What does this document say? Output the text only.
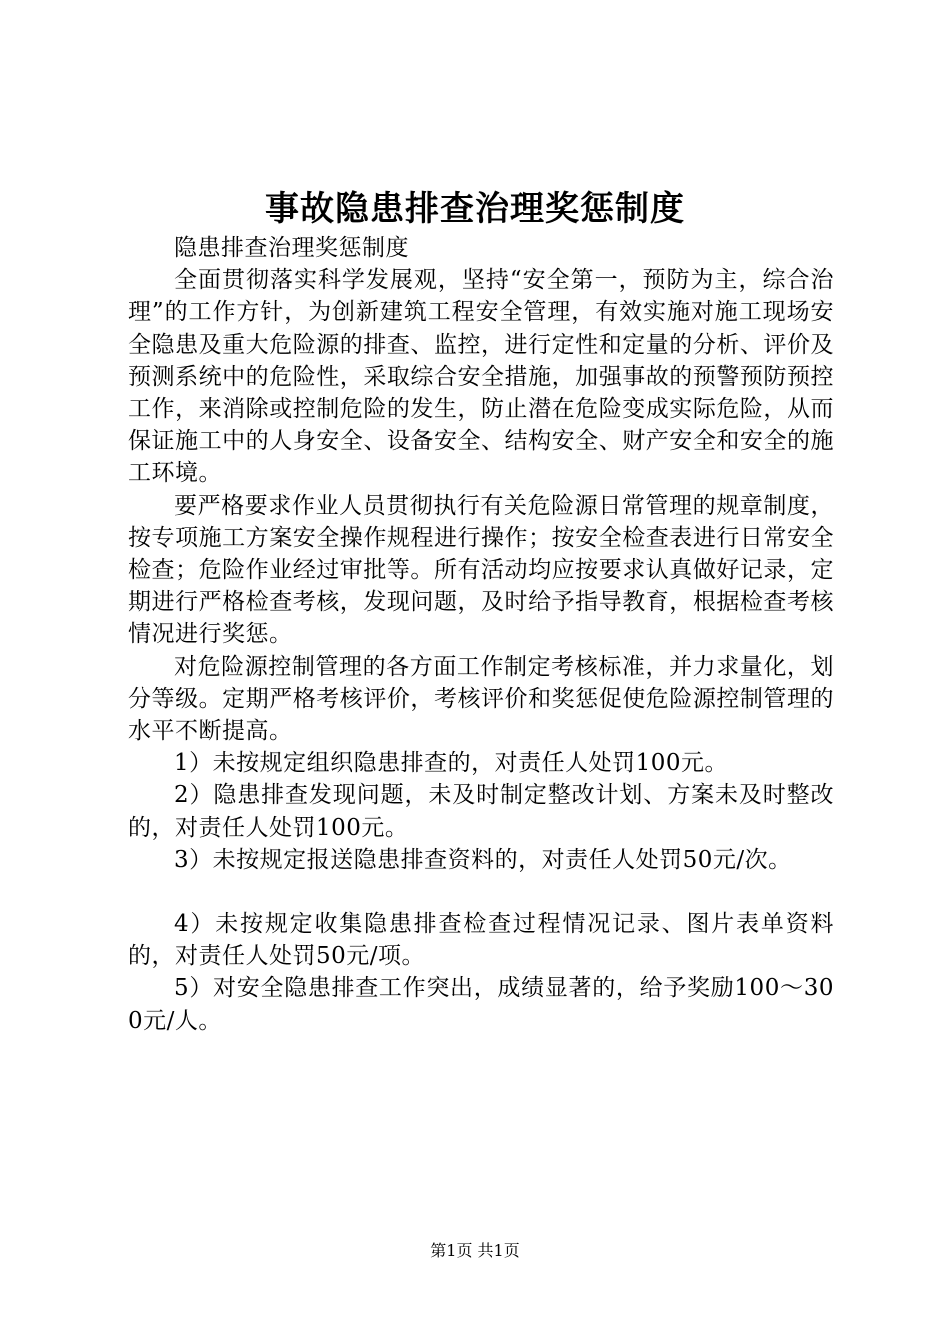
事故隐患排查治理奖惩制度

隐患排查治理奖惩制度

全面贯彻落实科学发展观，坚持“安全第一，预防为主，综合治理”的工作方针，为创新建筑工程安全管理，有效实施对施工现场安全隐患及重大危险源的排查、监控，进行定性和定量的分析、评价及预测系统中的危险性，采取综合安全措施，加强事故的预警预防预控工作，来消除或控制危险的发生，防止潜在危险变成实际危险，从而保证施工中的人身安全、设备安全、结构安全、财产安全和安全的施工环境。

要严格要求作业人员贯彻执行有关危险源日常管理的规章制度，按专项施工方案安全操作规程进行操作；按安全检查表进行日常安全检查；危险作业经过审批等。所有活动均应按要求认真做好记录，定期进行严格检查考核，发现问题，及时给予指导教育，根据检查考核情况进行奖惩。

对危险源控制管理的各方面工作制定考核标准，并力求量化，划分等级。定期严格考核评价，考核评价和奖惩促使危险源控制管理的水平不断提高。

1）未按规定组织隐患排查的，对责任人处罚100元。

2）隐患排查发现问题，未及时制定整改计划、方案未及时整改的，对责任人处罚100元。

3）未按规定报送隐患排查资料的，对责任人处罚50元/次。

4）未按规定收集隐患排查检查过程情况记录、图片表单资料的，对责任人处罚50元/项。

5）对安全隐患排查工作突出，成绩显著的，给予奖励100～300元/人。

第1页 共1页
